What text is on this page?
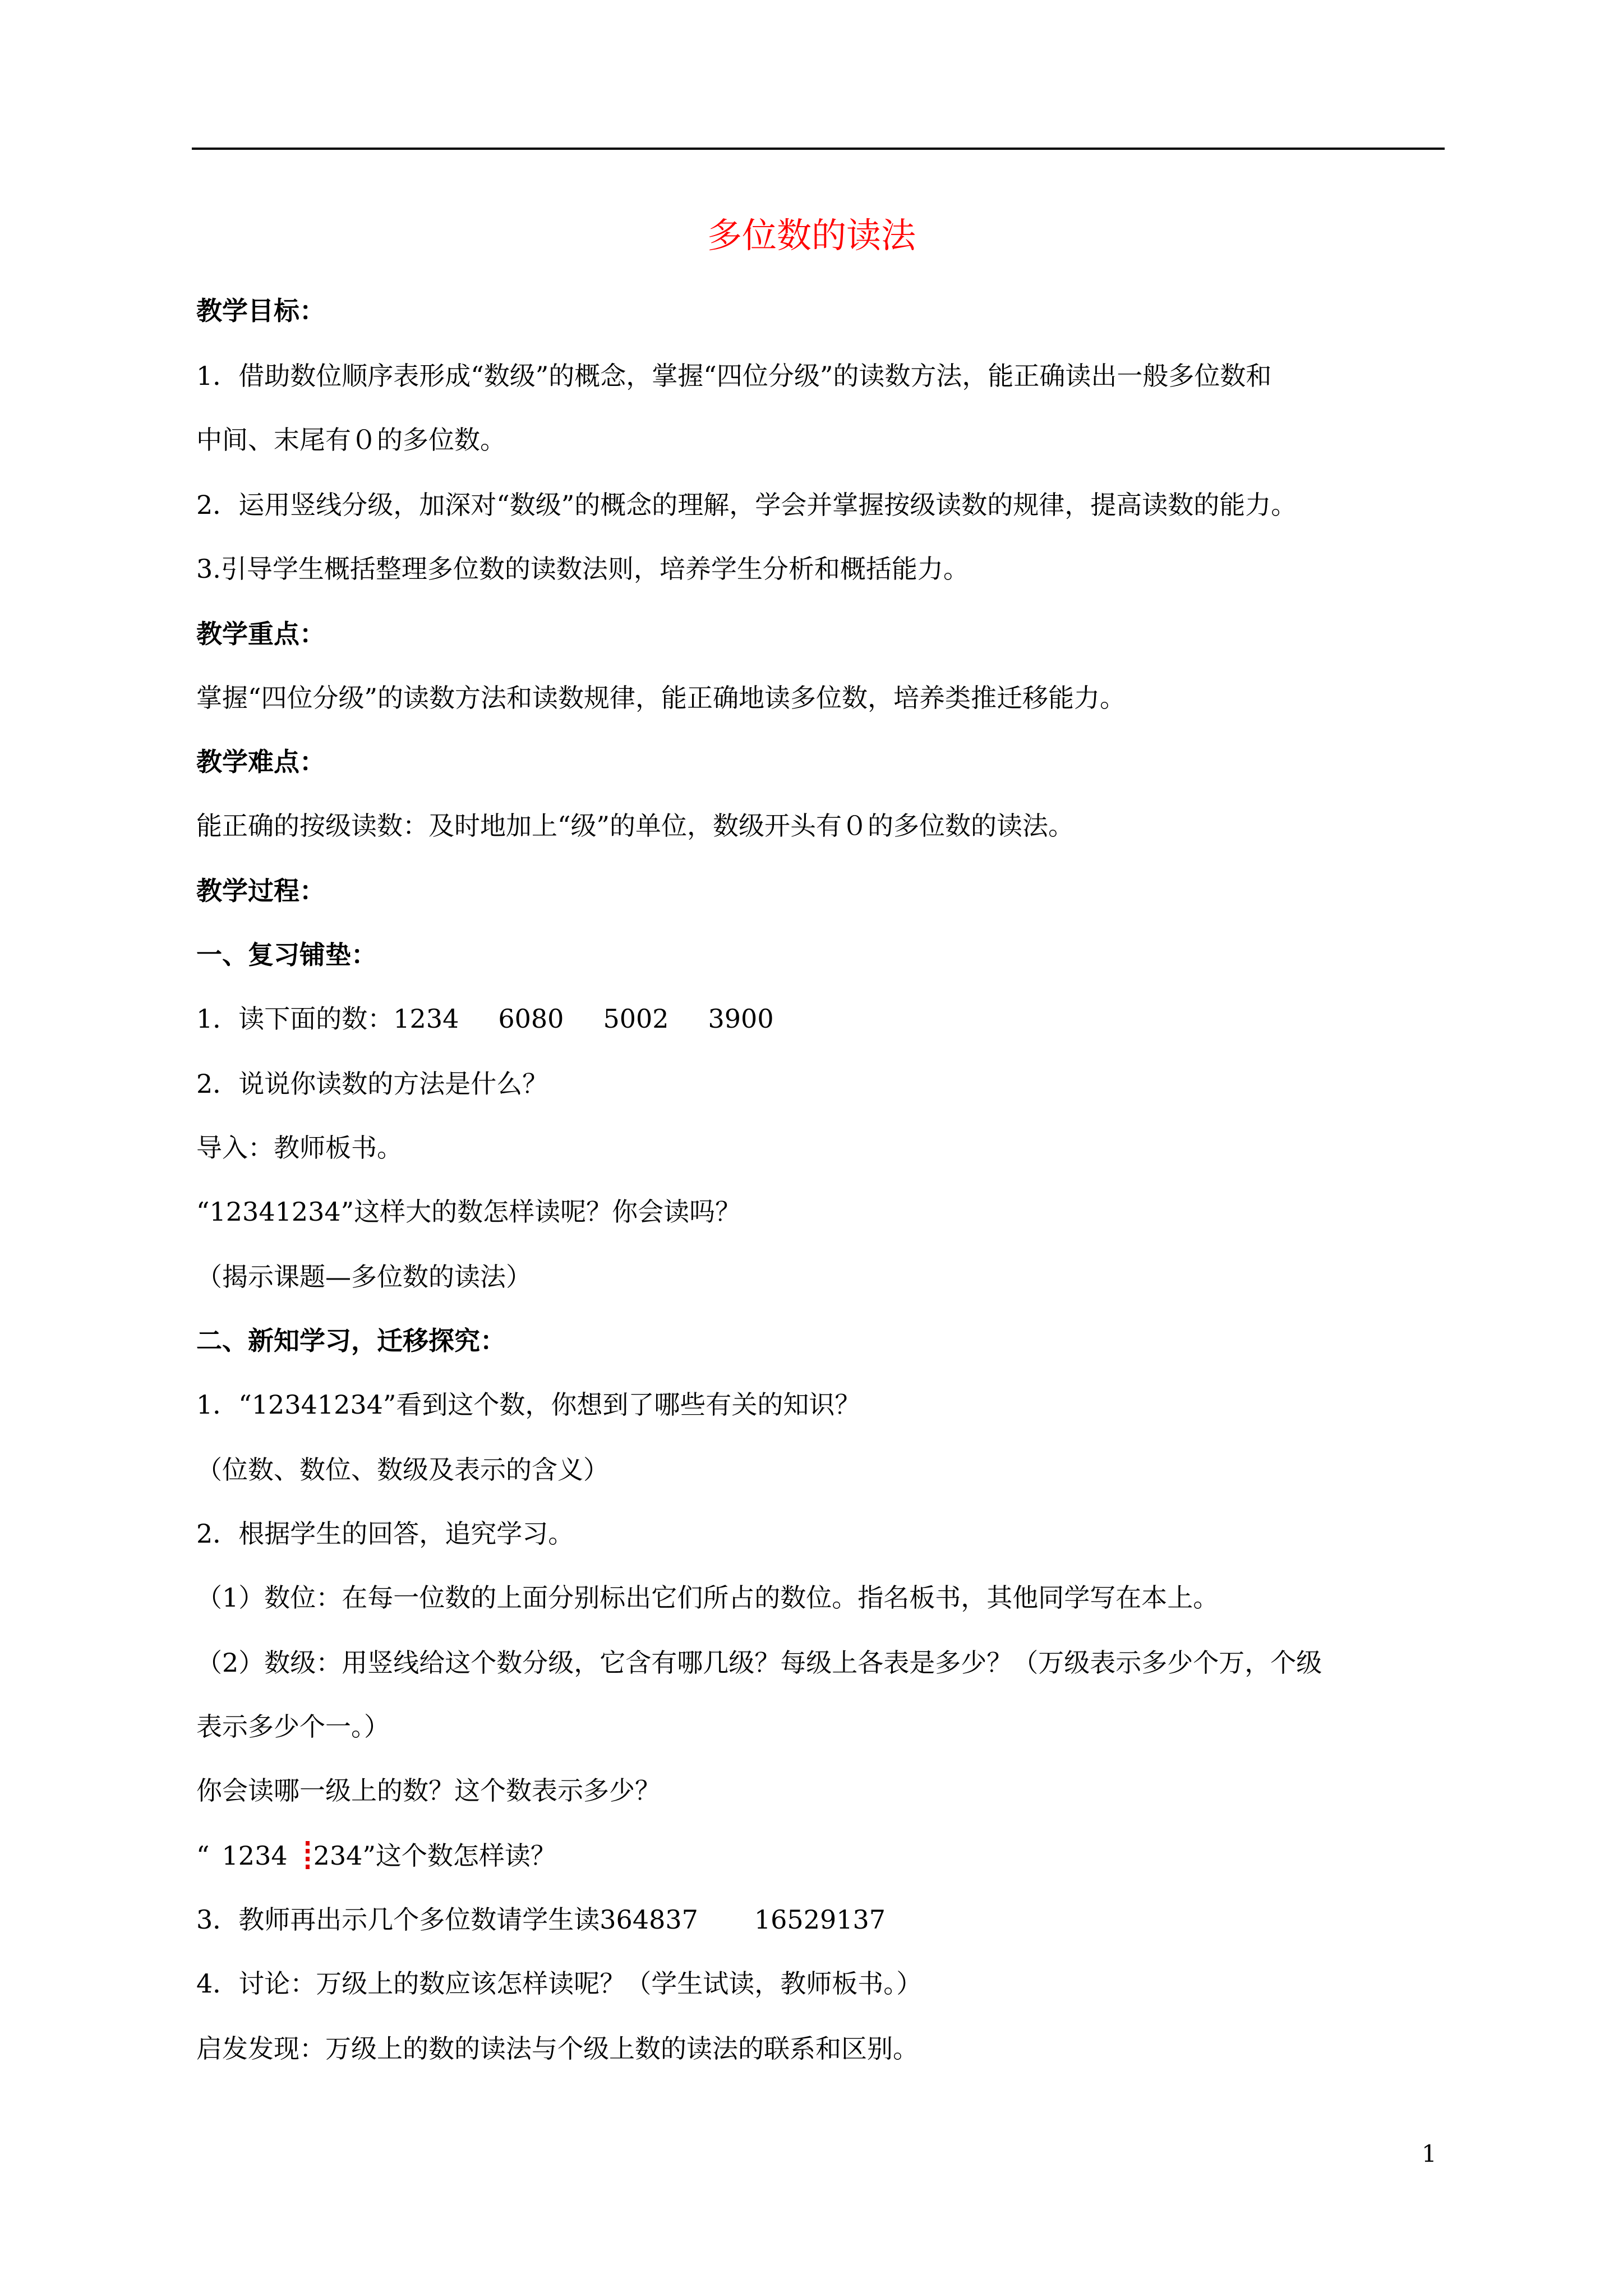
多位数的读法
教学目标：
1．借助数位顺序表形成“数级”的概念，掌握“四位分级”的读数方法，能正确读出一般多位数和
中间、末尾有０的多位数。
2．运用竖线分级，加深对“数级”的概念的理解，学会并掌握按级读数的规律，提高读数的能力。
3.引导学生概括整理多位数的读数法则，培养学生分析和概括能力。
教学重点：
掌握“四位分级”的读数方法和读数规律，能正确地读多位数，培养类推迁移能力。
教学难点：
能正确的按级读数：及时地加上“级”的单位，数级开头有０的多位数的读法。
教学过程：
一、复习铺垫：
1．读下面的数：1234 6080 5002 3900
2．说说你读数的方法是什么？
导入：教师板书。
“12341234”这样大的数怎样读呢？你会读吗？
（揭示课题—多位数的读法）
二、新知学习，迁移探究：
1．“12341234”看到这个数，你想到了哪些有关的知识？
（位数、数位、数级及表示的含义）
2．根据学生的回答，追究学习。
（1）数位：在每一位数的上面分别标出它们所占的数位。指名板书，其他同学写在本上。
（2）数级：用竖线给这个数分级，它含有哪几级？每级上各表是多少？（万级表示多少个万，个级
表示多少个一。）
你会读哪一级上的数？这个数表示多少？
“ 1234 234”这个数怎样读？
3．教师再出示几个多位数请学生读364837 16529137
4．讨论：万级上的数应该怎样读呢？（学生试读，教师板书。）
启发发现：万级上的数的读法与个级上数的读法的联系和区别。
1
